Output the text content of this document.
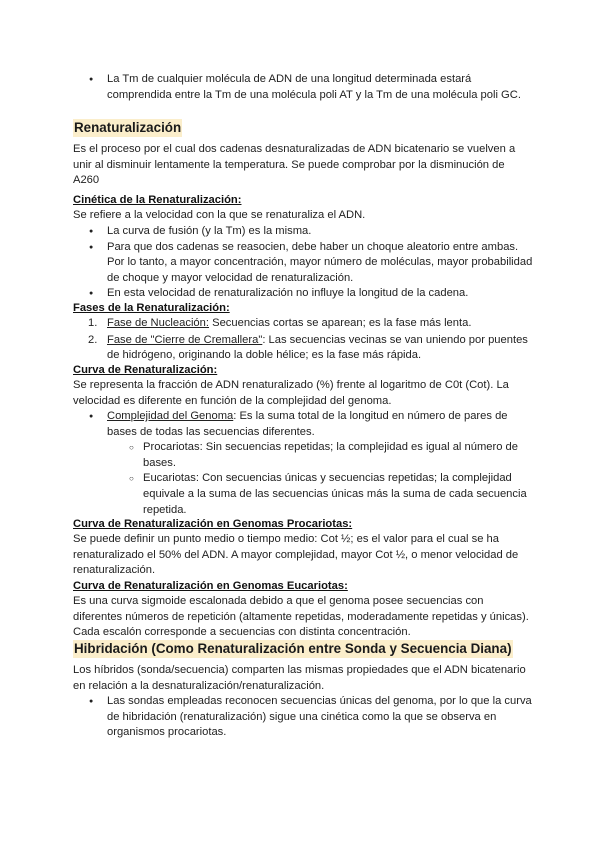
● La Tm de cualquier molécula de ADN de una longitud determinada estará comprendida entre la Tm de una molécula poli AT y la Tm de una molécula poli GC.
Renaturalización

Es el proceso por el cual dos cadenas desnaturalizadas de ADN bicatenario se vuelven a unir al disminuir lentamente la temperatura. Se puede comprobar por la disminución de A260

Cinética de la Renaturalización:

Se refiere a la velocidad con la que se renaturaliza el ADN.

● La curva de fusión (y la Tm) es la misma.
● Para que dos cadenas se reasocien, debe haber un choque aleatorio entre ambas. Por lo tanto, a mayor concentración, mayor número de moléculas, mayor probabilidad de choque y mayor velocidad de renaturalización.
● En esta velocidad de renaturalización no influye la longitud de la cadena.

Fases de la Renaturalización:

1. Fase de Nucleación: Secuencias cortas se aparean; es la fase más lenta.
2. Fase de "Cierre de Cremallera": Las secuencias vecinas se van uniendo por puentes de hidrógeno, originando la doble hélice; es la fase más rápida.

Curva de Renaturalización:

Se representa la fracción de ADN renaturalizado (%) frente al logaritmo de C0t (Cot). La velocidad es diferente en función de la complejidad del genoma.

● Complejidad del Genoma: Es la suma total de la longitud en número de pares de bases de todas las secuencias diferentes.
○ Procariotas: Sin secuencias repetidas; la complejidad es igual al número de bases.
○ Eucariotas: Con secuencias únicas y secuencias repetidas; la complejidad equivale a la suma de las secuencias únicas más la suma de cada secuencia repetida.

Curva de Renaturalización en Genomas Procariotas:

Se puede definir un punto medio o tiempo medio: Cot ½; es el valor para el cual se ha renaturalizado el 50% del ADN. A mayor complejidad, mayor Cot ½, o menor velocidad de renaturalización.

Curva de Renaturalización en Genomas Eucariotas:

Es una curva sigmoide escalonada debido a que el genoma posee secuencias con diferentes números de repetición (altamente repetidas, moderadamente repetidas y únicas). Cada escalón corresponde a secuencias con distinta concentración.

Hibridación (Como Renaturalización entre Sonda y Secuencia Diana)

Los híbridos (sonda/secuencia) comparten las mismas propiedades que el ADN bicatenario en relación a la desnaturalización/renaturalización.

● Las sondas empleadas reconocen secuencias únicas del genoma, por lo que la curva de hibridación (renaturalización) sigue una cinética como la que se observa en organismos procariotas.
